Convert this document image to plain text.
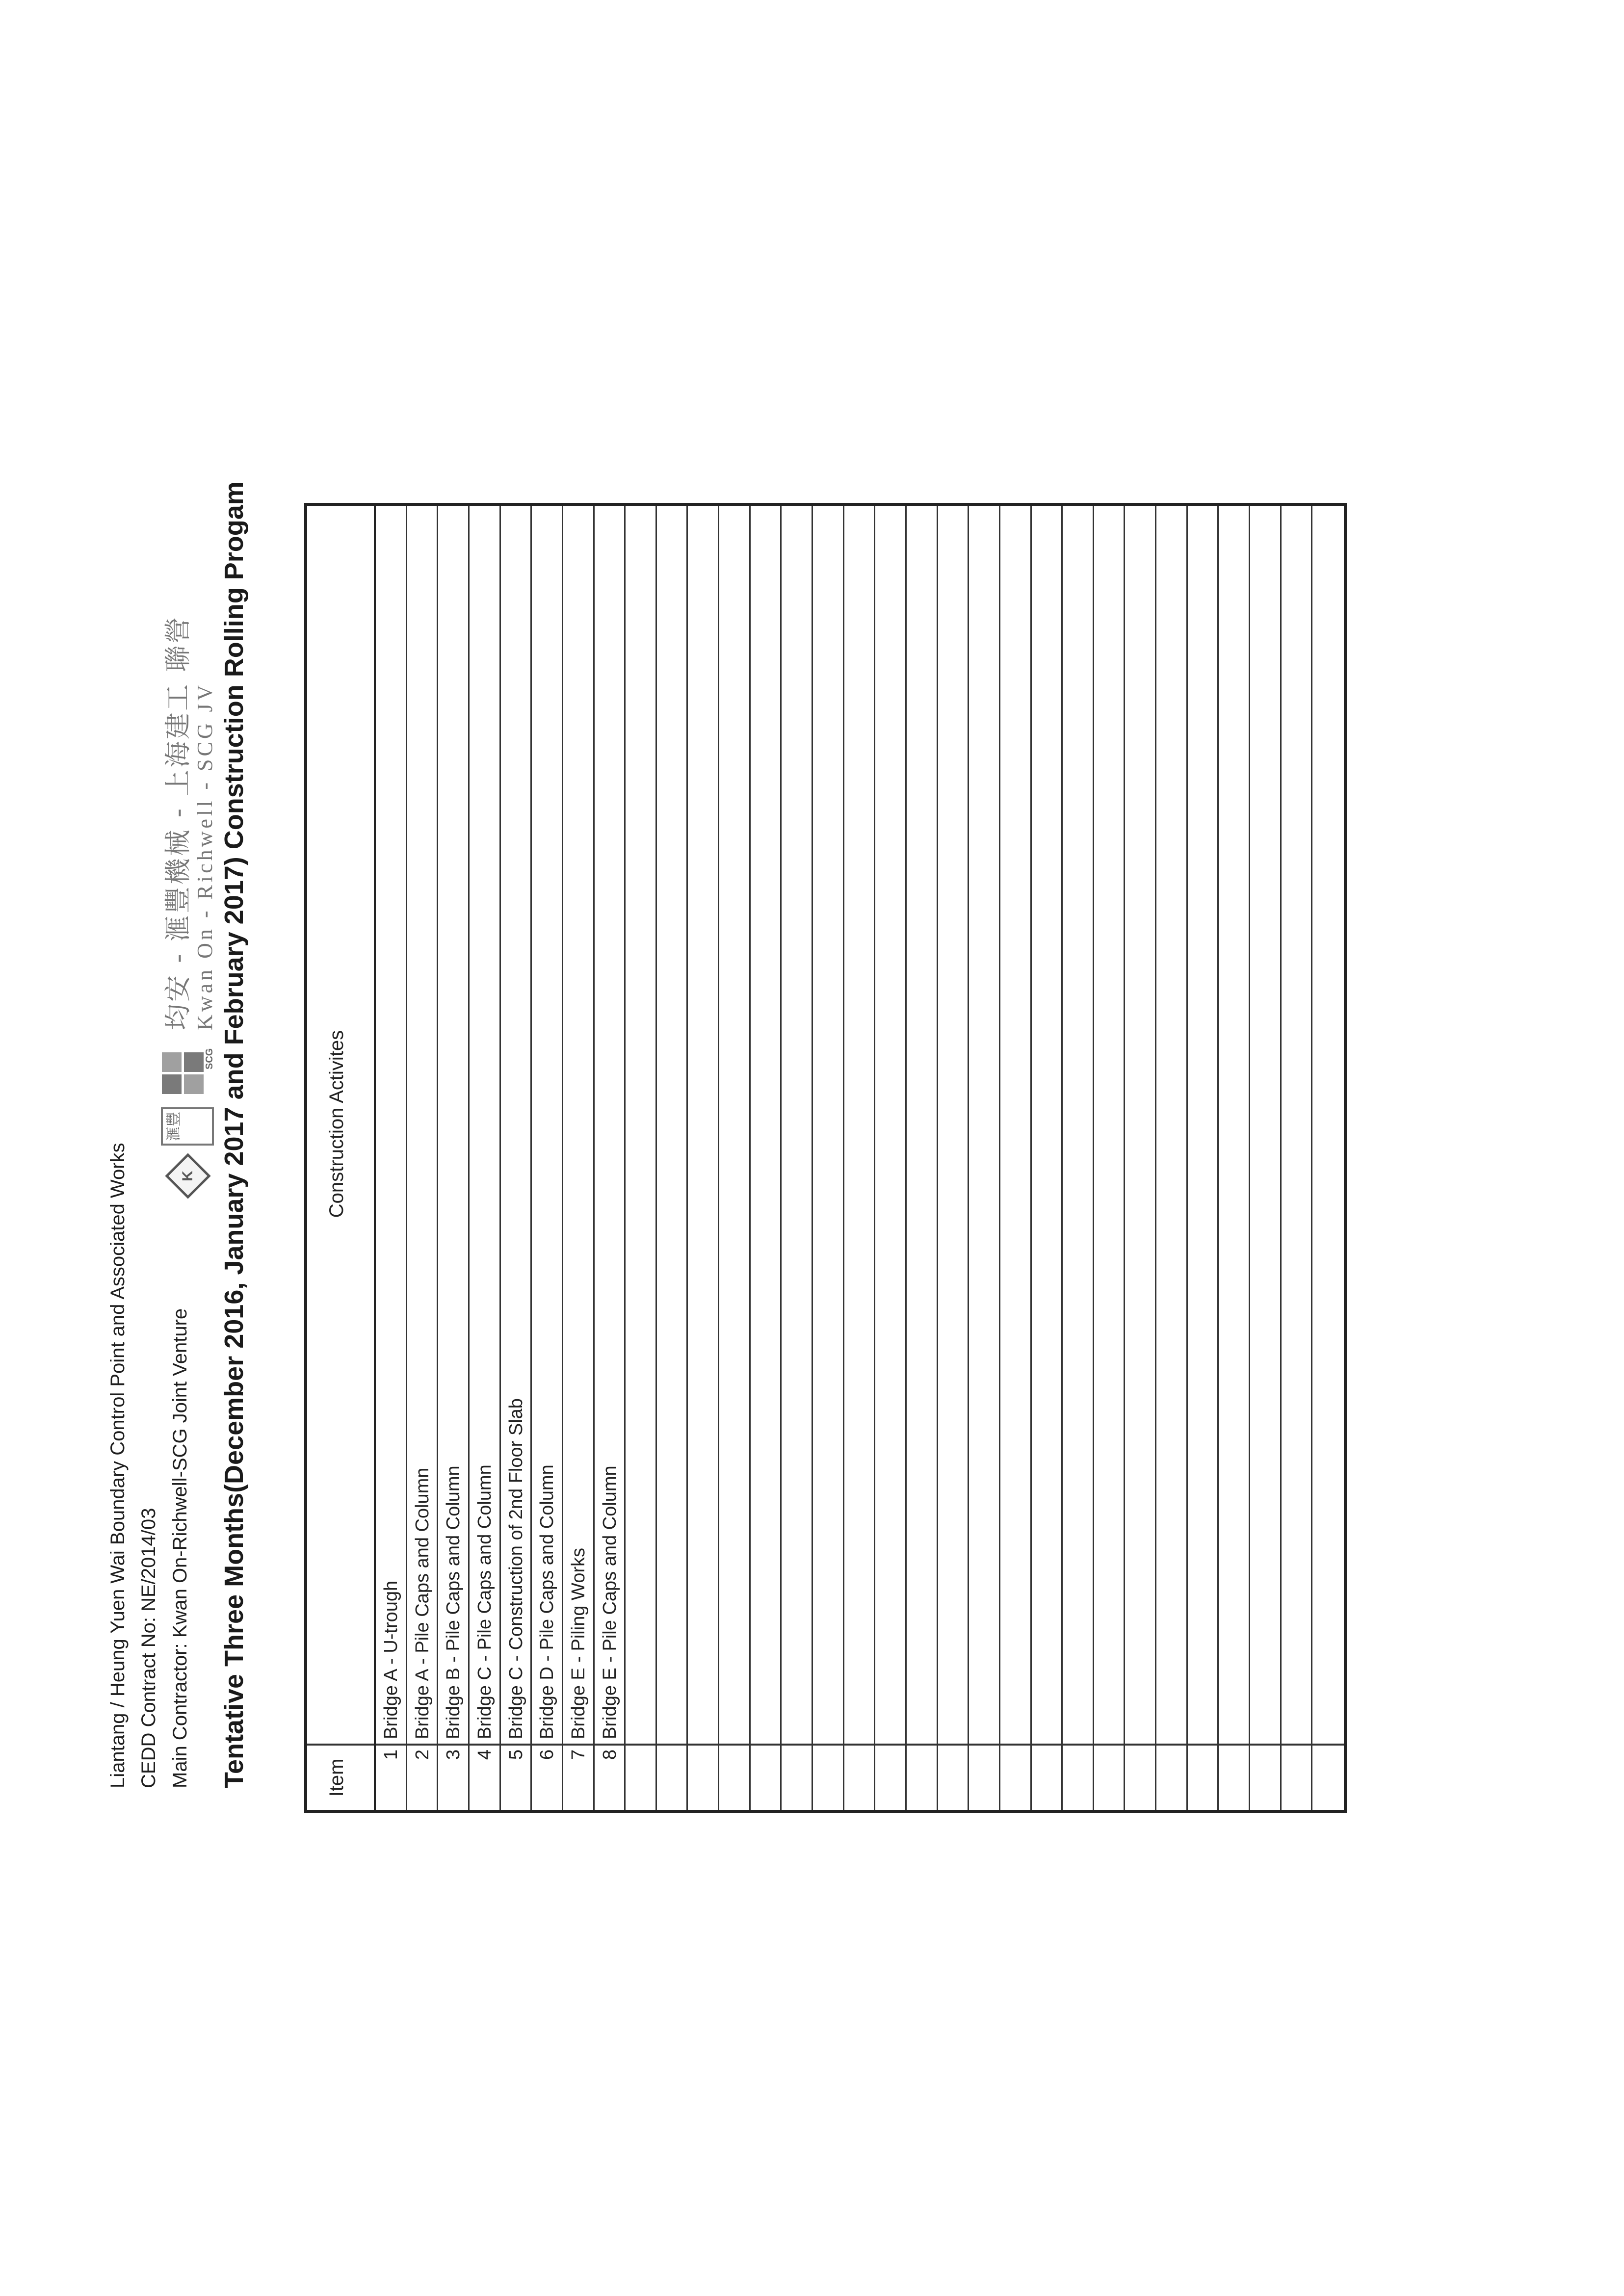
Liantang / Heung Yuen Wai Boundary Control Point and Associated Works CEDD Contract No: NE/2014/03 Main Contractor: Kwan On-Richwell-SCG Joint Venture
K
滙豐
SCG
均安 - 滙豐機械 - 上海建工 聯營 Kwan On - Richwell - SCG JV Tentative Three Months(December 2016, January 2017 and February 2017) Construction Rolling Progam	Item
Construction Activites
1
Bridge A - U-trough
2
Bridge A - Pile Caps and Column
3
Bridge B - Pile Caps and Column
4
Bridge C - Pile Caps and Column
5
Bridge C - Construction of 2nd Floor Slab
6
Bridge D - Pile Caps and Column
7
Bridge E - Piling Works
8
Bridge E - Pile Caps and Column
